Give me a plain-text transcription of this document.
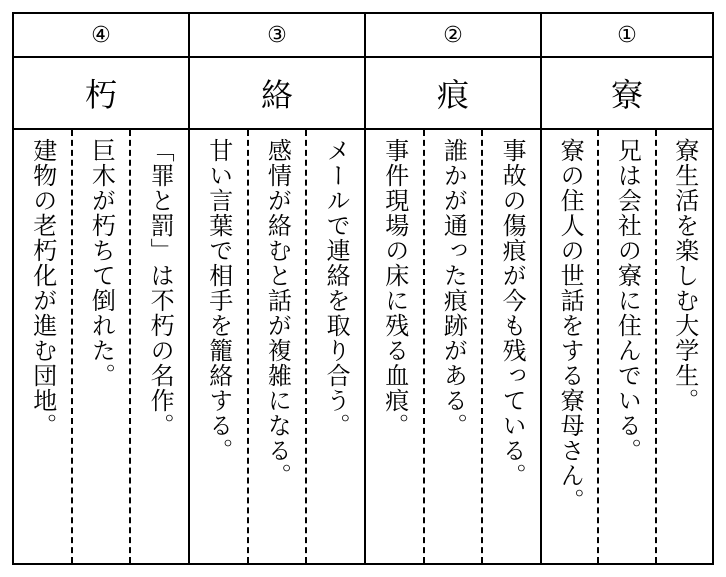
④
朽
「罪と罰」は不朽の名作。
巨木が朽ちて倒れた。
建物の老朽化が進む団地。
③
絡
メールで連絡を取り合う。
感情が絡むと話が複雑になる。
甘い言葉で相手を籠絡する。
②
痕
事故の傷痕が今も残っている。
誰かが通った痕跡がある。
事件現場の床に残る血痕。
①
寮
寮生活を楽しむ大学生。
兄は会社の寮に住んでいる。
寮の住人の世話をする寮母さん。
